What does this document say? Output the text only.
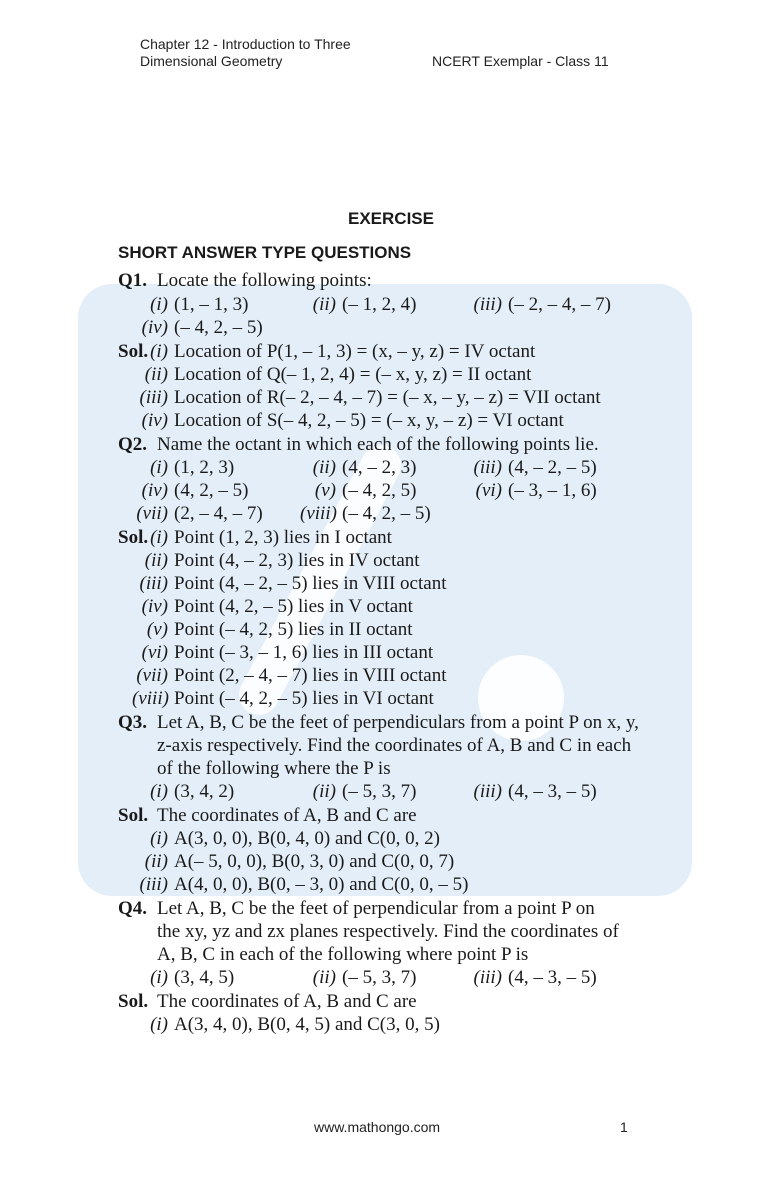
Chapter 12 - Introduction to Three
Dimensional Geometry	NCERT Exemplar - Class 11
EXERCISE
SHORT ANSWER TYPE QUESTIONS
Q1. Locate the following points:
(i) (1, – 1, 3)	(ii) (– 1, 2, 4)	(iii) (– 2, – 4, – 7)
(iv) (– 4, 2, – 5)
Sol. (i) Location of P(1, – 1, 3) = (x, – y, z) = IV octant
(ii) Location of Q(– 1, 2, 4) = (– x, y, z) = II octant
(iii) Location of R(– 2, – 4, – 7) = (– x, – y, – z) = VII octant
(iv) Location of S(– 4, 2, – 5) = (– x, y, – z) = VI octant
Q2. Name the octant in which each of the following points lie.
(i) (1, 2, 3)	(ii) (4, – 2, 3)	(iii) (4, – 2, – 5)
(iv) (4, 2, – 5)	(v) (– 4, 2, 5)	(vi) (– 3, – 1, 6)
(vii) (2, – 4, – 7) (viii) (– 4, 2, – 5)
Sol. (i) Point (1, 2, 3) lies in I octant
(ii) Point (4, – 2, 3) lies in IV octant
(iii) Point (4, – 2, – 5) lies in VIII octant
(iv) Point (4, 2, – 5) lies in V octant
(v) Point (– 4, 2, 5) lies in II octant
(vi) Point (– 3, – 1, 6) lies in III octant
(vii) Point (2, – 4, – 7) lies in VIII octant
(viii) Point (– 4, 2, – 5) lies in VI octant
Q3. Let A, B, C be the feet of perpendiculars from a point P on x, y,
z-axis respectively. Find the coordinates of A, B and C in each
of the following where the P is
(i) (3, 4, 2)	(ii) (– 5, 3, 7)	(iii) (4, – 3, – 5)
Sol. The coordinates of A, B and C are
(i) A(3, 0, 0), B(0, 4, 0) and C(0, 0, 2)
(ii) A(– 5, 0, 0), B(0, 3, 0) and C(0, 0, 7)
(iii) A(4, 0, 0), B(0, – 3, 0) and C(0, 0, – 5)
Q4. Let A, B, C be the feet of perpendicular from a point P on
the xy, yz and zx planes respectively. Find the coordinates of
A, B, C in each of the following where point P is
(i) (3, 4, 5)	(ii) (– 5, 3, 7)	(iii) (4, – 3, – 5)
Sol. The coordinates of A, B and C are
(i) A(3, 4, 0), B(0, 4, 5) and C(3, 0, 5)
www.mathongo.com	1
